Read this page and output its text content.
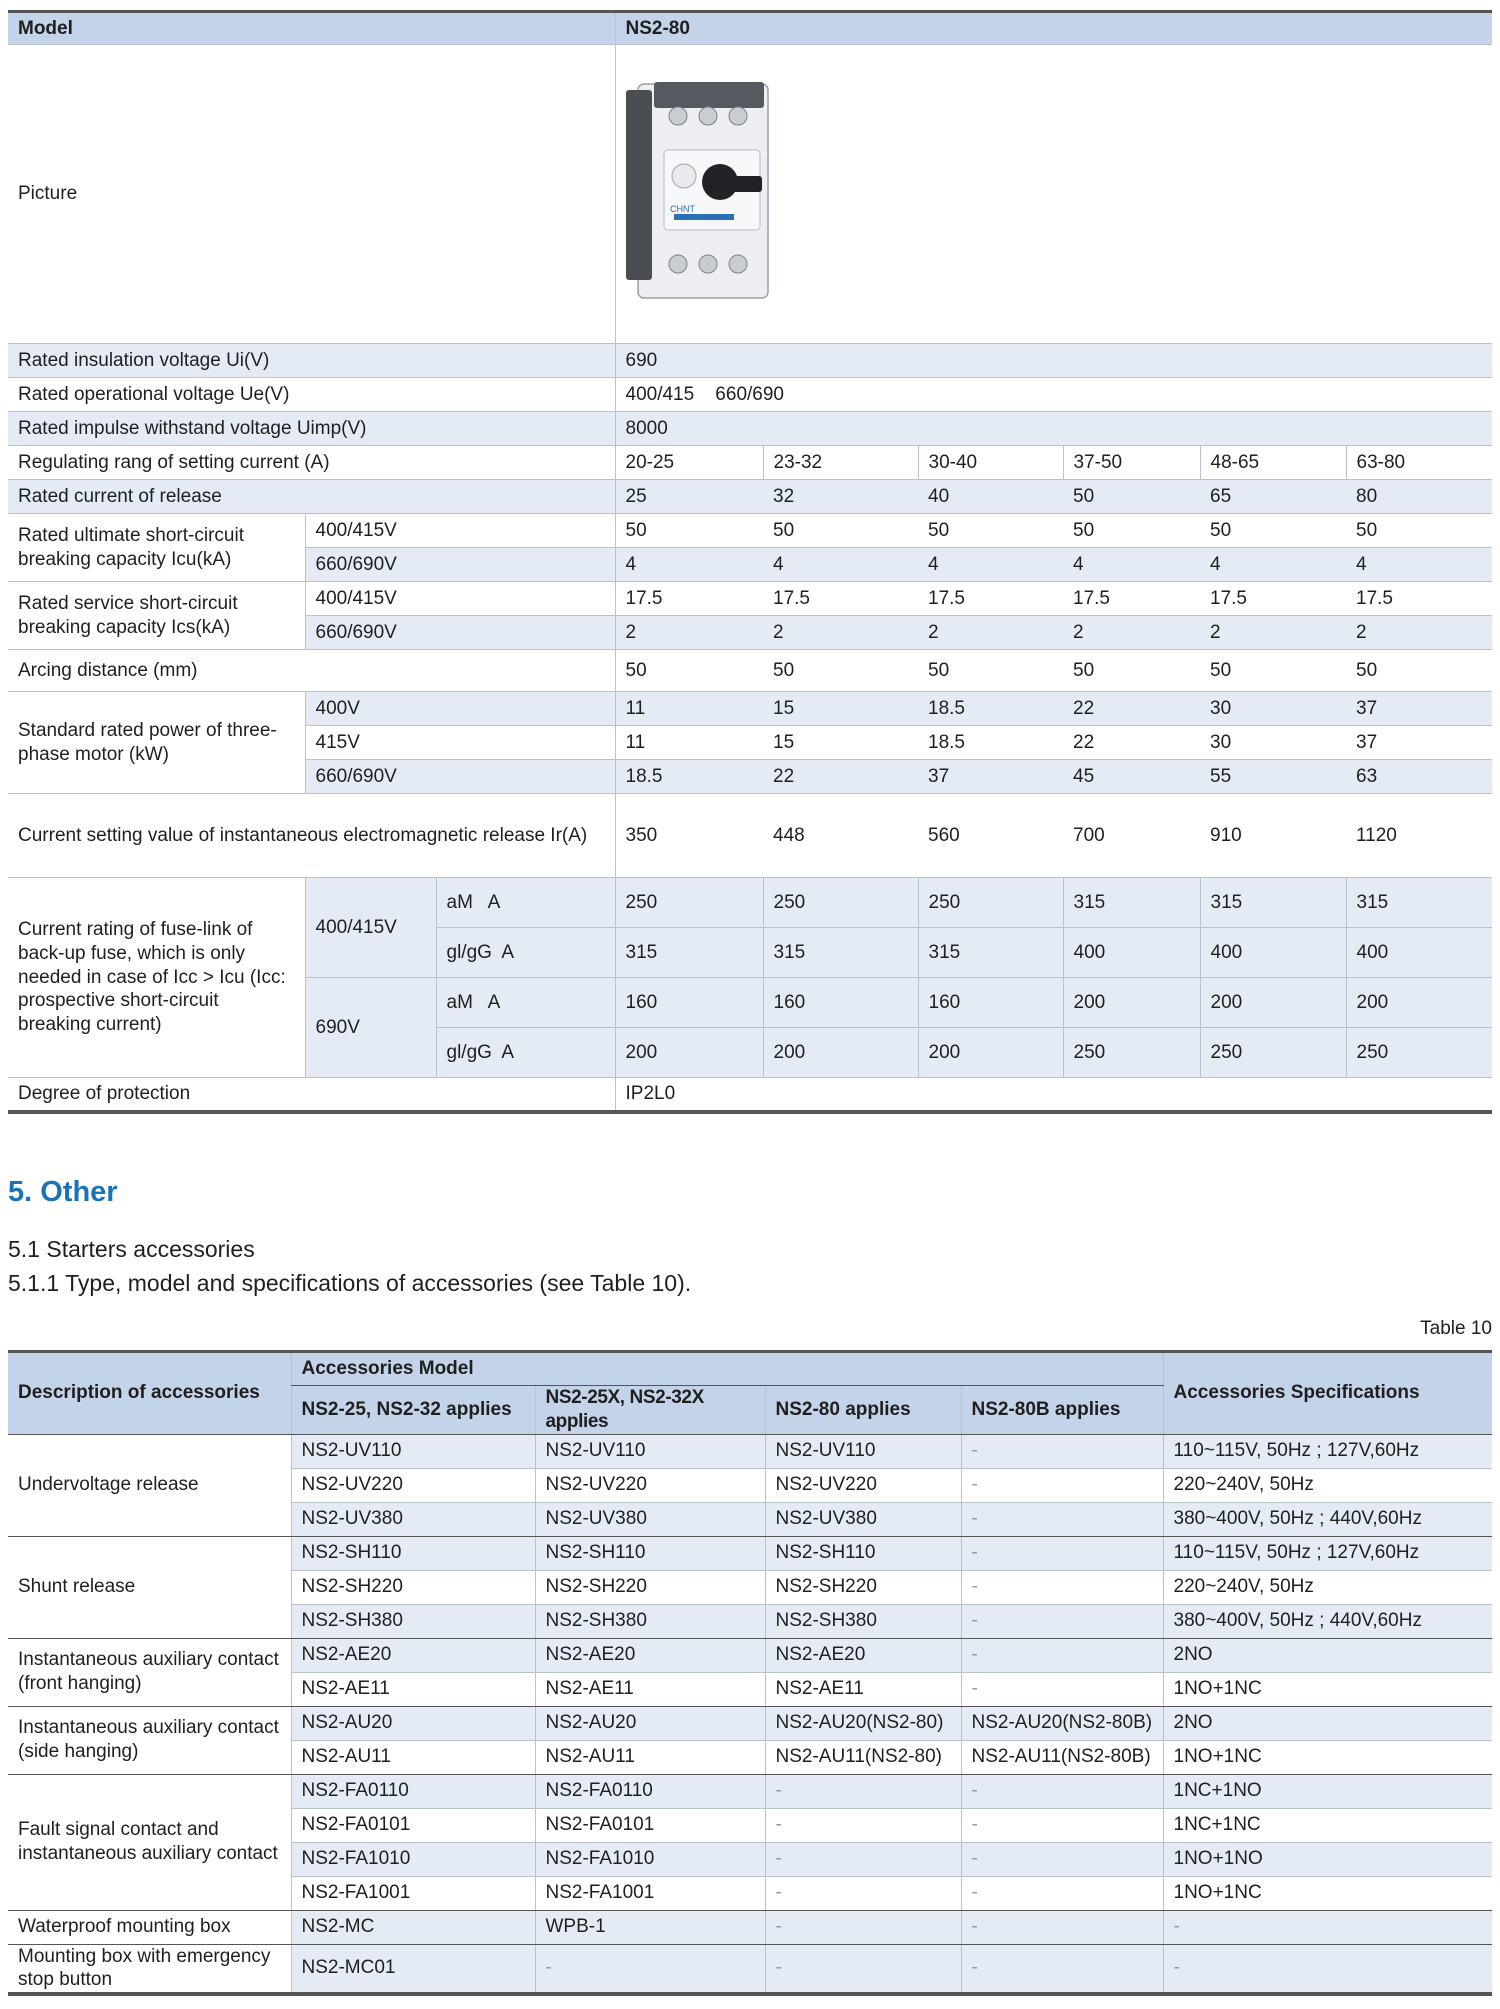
Model			NS2-80					
Picture			CHNT					

Rated insulation voltage Ui(V)			690					
Rated operational voltage Ue(V)			400/415    660/690					
Rated impulse withstand voltage Uimp(V)			8000					
Regulating rang of setting current (A)			20-25	23-32	30-40	37-50	48-65	63-80
Rated current of release			25	32	40	50	65	80
Rated ultimate short-circuit breaking capacity Icu(kA)	400/415V		50	50	50	50	50	50
	660/690V		4	4	4	4	4	4
Rated service short-circuit breaking capacity Ics(kA)	400/415V		17.5	17.5	17.5	17.5	17.5	17.5
	660/690V		2	2	2	2	2	2
Arcing distance (mm)			50	50	50	50	50	50
Standard rated power of three-phase motor (kW)	400V		11	15	18.5	22	30	37
	415V		11	15	18.5	22	30	37
	660/690V		18.5	22	37	45	55	63
Current setting value of instantaneous electromagnetic release Ir(A)			350	448	560	700	910	1120
Current rating of fuse-link of back-up fuse, which is only needed in case of Icc > Icu (Icc: prospective short-circuit breaking current)	400/415V	aM   A	250	250	250	315	315	315
		gl/gG  A	315	315	315	400	400	400
	690V	aM   A	160	160	160	200	200	200
		gl/gG  A	200	200	200	250	250	250
Degree of protection			IP2L0					
5. Other
5.1 Starters accessories
5.1.1 Type, model and specifications of accessories (see Table 10).
Table 10
Description of accessories	Accessories Model				Accessories Specifications
	NS2-25, NS2-32 applies	NS2-25X, NS2-32X applies	NS2-80 applies	NS2-80B applies	
Undervoltage release	NS2-UV110	NS2-UV110	NS2-UV110	-	110~115V, 50Hz ; 127V,60Hz
	NS2-UV220	NS2-UV220	NS2-UV220	-	220~240V, 50Hz
	NS2-UV380	NS2-UV380	NS2-UV380	-	380~400V, 50Hz ; 440V,60Hz
Shunt release	NS2-SH110	NS2-SH110	NS2-SH110	-	110~115V, 50Hz ; 127V,60Hz
	NS2-SH220	NS2-SH220	NS2-SH220	-	220~240V, 50Hz
	NS2-SH380	NS2-SH380	NS2-SH380	-	380~400V, 50Hz ; 440V,60Hz
Instantaneous auxiliary contact (front hanging)	NS2-AE20	NS2-AE20	NS2-AE20	-	2NO
	NS2-AE11	NS2-AE11	NS2-AE11	-	1NO+1NC
Instantaneous auxiliary contact (side hanging)	NS2-AU20	NS2-AU20	NS2-AU20(NS2-80)	NS2-AU20(NS2-80B)	2NO
	NS2-AU11	NS2-AU11	NS2-AU11(NS2-80)	NS2-AU11(NS2-80B)	1NO+1NC
Fault signal contact and instantaneous auxiliary contact	NS2-FA0110	NS2-FA0110	-	-	1NC+1NO
	NS2-FA0101	NS2-FA0101	-	-	1NC+1NC
	NS2-FA1010	NS2-FA1010	-	-	1NO+1NO
	NS2-FA1001	NS2-FA1001	-	-	1NO+1NC
Waterproof mounting box	NS2-MC	WPB-1	-	-	-
Mounting box with emergency stop button	NS2-MC01	-	-	-	-
